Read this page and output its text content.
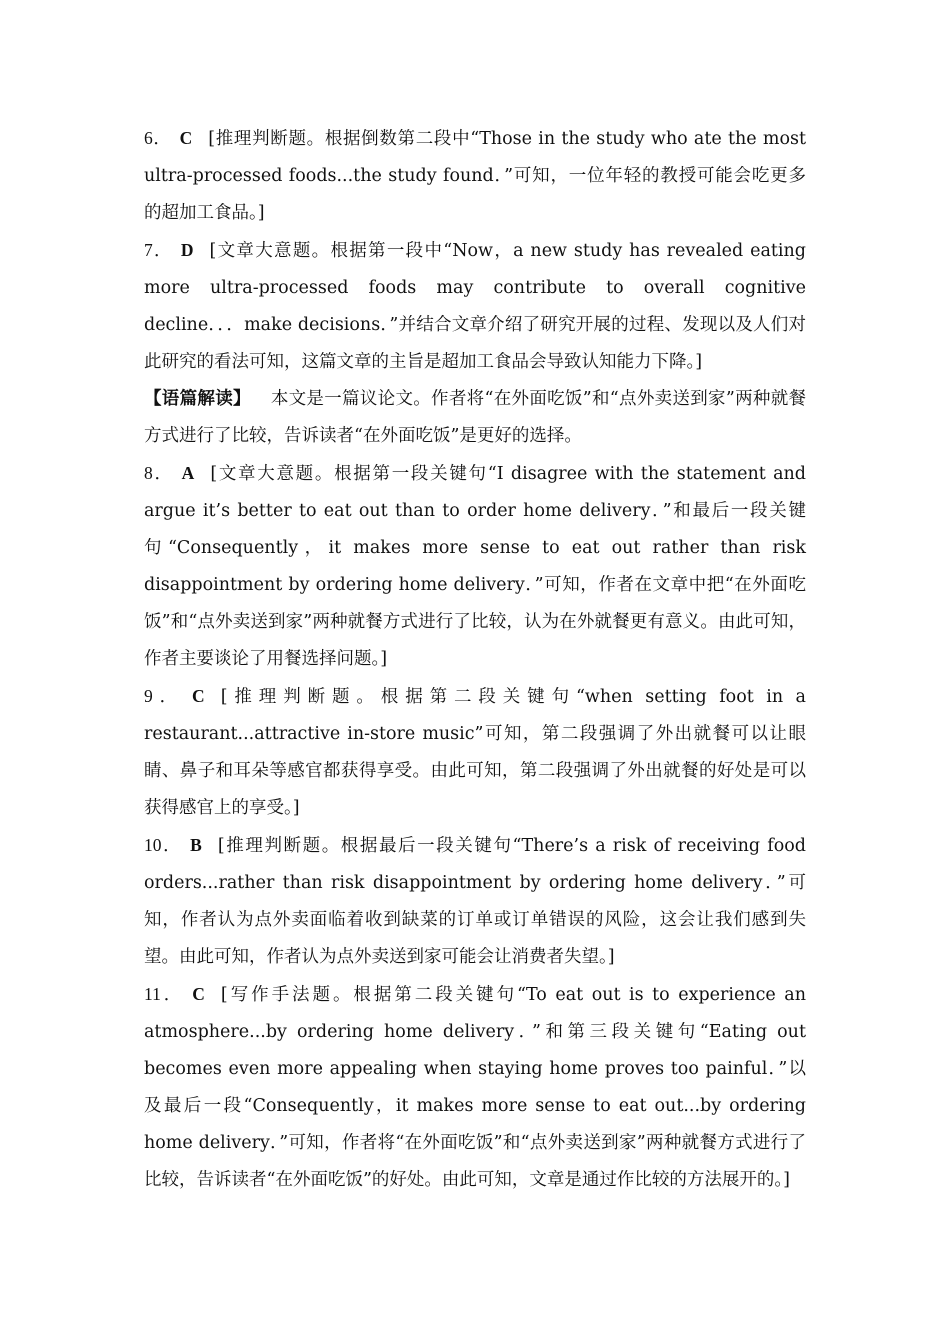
6． C [推理判断题。根据倒数第二段中“Those in the study who ate the most ultra-processed foods...the study found．”可知，一位年轻的教授可能会吃更多的超加工食品。]

7． D [文章大意题。根据第一段中“Now，a new study has revealed eating more ultra-processed foods may contribute to overall cognitive decline．．．make decisions．”并结合文章介绍了研究开展的过程、发现以及人们对此研究的看法可知，这篇文章的主旨是超加工食品会导致认知能力下降。]

【语篇解读】 本文是一篇议论文。作者将“在外面吃饭”和“点外卖送到家”两种就餐方式进行了比较，告诉读者“在外面吃饭”是更好的选择。

8． A [文章大意题。根据第一段关键句“I disagree with the statement and argue it’s better to eat out than to order home delivery．”和最后一段关键句“Consequently，it makes more sense to eat out rather than risk disappointment by ordering home delivery．”可知，作者在文章中把“在外面吃饭”和“点外卖送到家”两种就餐方式进行了比较，认为在外就餐更有意义。由此可知，作者主要谈论了用餐选择问题。]

9． C [推理判断题。根据第二段关键句“when setting foot in a restaurant...attractive in-store music”可知，第二段强调了外出就餐可以让眼睛、鼻子和耳朵等感官都获得享受。由此可知，第二段强调了外出就餐的好处是可以获得感官上的享受。]

10． B [推理判断题。根据最后一段关键句“There’s a risk of receiving food orders...rather than risk disappointment by ordering home delivery．”可知，作者认为点外卖面临着收到缺菜的订单或订单错误的风险，这会让我们感到失望。由此可知，作者认为点外卖送到家可能会让消费者失望。]

11． C [写作手法题。根据第二段关键句“To eat out is to experience an atmosphere...by ordering home delivery．”和第三段关键句“Eating out becomes even more appealing when staying home proves too painful．”以及最后一段“Consequently，it makes more sense to eat out...by ordering home delivery．”可知，作者将“在外面吃饭”和“点外卖送到家”两种就餐方式进行了比较，告诉读者“在外面吃饭”的好处。由此可知，文章是通过作比较的方法展开的。]
